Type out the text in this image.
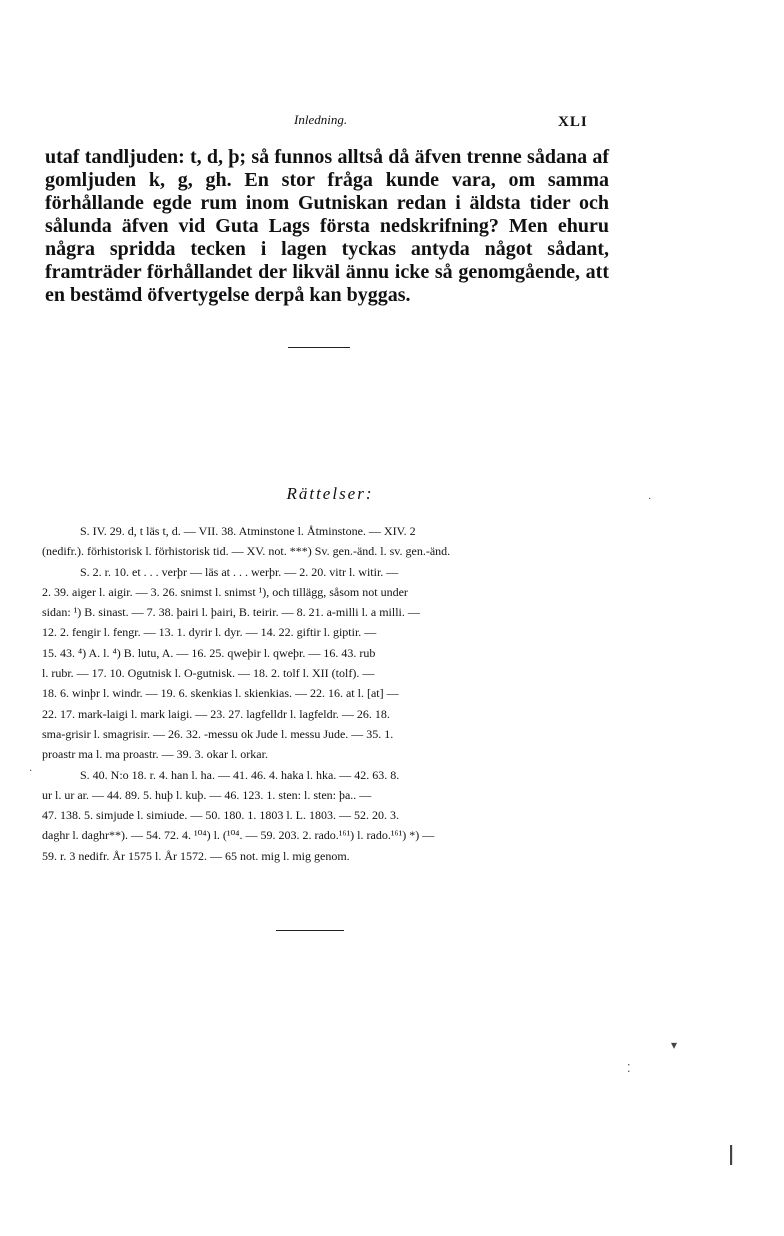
Inledning.	XLI

utaf tandljuden: t, d, þ; så funnos alltså då äfven trenne sådana af gomljuden k, g, gh. En stor fråga kunde vara, om samma förhållande egde rum inom Gutniskan redan i äldsta tider och sålunda äfven vid Guta Lags första nedskrifning? Men ehuru några spridda tecken i lagen tyckas antyda något sådant, framträder förhållandet der likväl ännu icke så genomgående, att en bestämd öfvertygelse derpå kan byggas.

Rättelser:
S. IV. 29. d, t läs t, d. — VII. 38. Atminstone l. Åtminstone. — XIV. 2
(nedifr.). förhistorisk l. förhistorisk tid. — XV. not. ***) Sv. gen.-änd. l. sv. gen.-änd.
S. 2. r. 10. et . . . verþr — läs at . . . werþr. — 2. 20. vitr l. witir. —
2. 39. aiger l. aigir. — 3. 26. snimst l. snimst ¹), och tillägg, såsom not under
sidan: ¹) B. sinast. — 7. 38. þairi l. þairi, B. teirir. — 8. 21. a-milli l. a milli. —
12. 2. fengir l. fengr. — 13. 1. dyrir l. dyr. — 14. 22. giftir l. giptir. —
15. 43. ⁴) A. l. ⁴) B. lutu, A. — 16. 25. qweþir l. qweþr. — 16. 43. rub
l. rubr. — 17. 10. Ogutnisk l. O-gutnisk. — 18. 2. tolf l. XII (tolf). —
18. 6. winþr l. windr. — 19. 6. skenkias l. skienkias. — 22. 16. at l. [at] —
22. 17. mark-laigi l. mark laigi. — 23. 27. lagfelldr l. lagfeldr. — 26. 18.
sma-grisir l. smagrisir. — 26. 32. -messu ok Jude l. messu Jude. — 35. 1.
proastr ma l. ma proastr. — 39. 3. okar l. orkar.
S. 40. N:o 18. r. 4. han l. ha. — 41. 46. 4. haka l. hka. — 42. 63. 8.
ur l. ur ar. — 44. 89. 5. huþ l. kuþ. — 46. 123. 1. sten: l. sten: þa.. —
47. 138. 5. simjude l. simiude. — 50. 180. 1. 1803 l. L. 1803. — 52. 20. 3.
daghr l. daghr**). — 54. 72. 4. ¹⁰⁴) l. (¹⁰⁴. — 59. 203. 2. rado.¹⁶¹) l. rado.¹⁶¹) *) —
59. r. 3 nedifr. År 1575 l. År 1572. — 65 not. mig l. mig genom.
▾
⁚
ǀ
·
·
